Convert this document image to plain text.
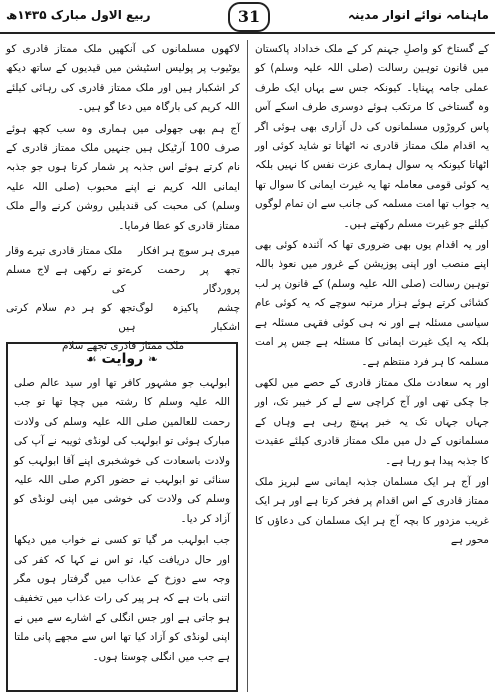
ماہنامہ نوائے انوار مدینہ
31
ربیع الاول مبارک ۱۴۳۵ھ

کے گستاخ کو واصلِ جہنم کر کے ملک خداداد پاکستان میں قانون توہین رسالت (صلی اللہ علیہ وسلم) کو عملی جامہ پہنایا۔ کیونکہ جس سے یہاں ایک طرف وہ گستاخی کا مرتکب ہوئے دوسری طرف اسکے آس پاس کروڑوں مسلمانوں کی دل آزاری بھی ہوئی اگر یہ اقدام ملک ممتاز قادری نہ اٹھاتا تو شاید کوئی اور اٹھاتا کیونکہ یہ سوال ہماری عزت نفس کا نہیں بلکہ یہ کوئی قومی معاملہ تھا یہ غیرت ایمانی کا سوال تھا یہ جواب تھا امت مسلمہ کی جانب سے ان تمام لوگوں کیلئے جو غیرت مسلم رکھتے ہیں۔

اور یہ اقدام یوں بھی ضروری تھا کہ آئندہ کوئی بھی اپنے منصب اور اپنی پوزیشن کے غرور میں نعوذ باللہ توہین رسالت (صلی اللہ علیہ وسلم) کے قانون پر لب کشائی کرتے ہوئے ہزار مرتبہ سوچے کہ یہ کوئی عام سیاسی مسئلہ ہے اور نہ ہی کوئی فقہی مسئلہ ہے بلکہ یہ ایک غیرت ایمانی کا مسئلہ ہے جس پر امت مسلمہ کا ہر فرد منتظم ہے۔

اور یہ سعادت ملک ممتاز قادری کے حصے میں لکھی جا چکی تھی اور آج کراچی سے لے کر خیبر تک، اور جہاں جہاں تک یہ خبر پہنچ رہی ہے وہاں کے مسلمانوں کے دل میں ملک ممتاز قادری کیلئے عقیدت کا جذبہ پیدا ہو رہا ہے۔

اور آج ہر ایک مسلمان جذبہ ایمانی سے لبریز ملک ممتاز قادری کے اس اقدام پر فخر کرتا ہے اور ہر ایک غریب مزدور کا بچہ آج ہر ایک مسلمان کی دعاؤں کا محور ہے

لاکھوں مسلمانوں کی آنکھیں ملک ممتاز قادری کو یوٹیوب پر پولیس اسٹیشن میں قیدیوں کے ساتھ دیکھ کر اشکبار ہیں اور ملک ممتاز قادری کی رہائی کیلئے اللہ کریم کی بارگاہ میں دعا گو ہیں۔

آج ہم بھی جھولی میں ہماری وہ سب کچھ ہوئے صرف 100 آرٹیکل ہیں جنہیں ملک ممتاز قادری کے نام کرتے ہوئے اس جذبہ پر شمار کرتا ہوں جو جذبہ ایمانی اللہ کریم نے اپنے محبوب (صلی اللہ علیہ وسلم) کی محبت کی قندیلیں روشن کرنے والے ملک ممتاز قادری کو عطا فرمایا۔

میری ہر سوچ ہر افکار
ملک ممتاز قادری تیرے وقار
تجھ پر رحمت کرے پروردگار
تو نے رکھی ہے لاج مسلم کی
چشم پاکیزہ لوگ اشکبار
تجھ کو ہر دم سلام کرتی ہیں
ملک ممتاز قادری تجھے سلام
❧ روایت ☙

ابولہب جو مشہور کافر تھا اور سید عالم صلی اللہ علیہ وسلم کا رشتہ میں چچا تھا تو جب رحمت للعالمین صلی اللہ علیہ وسلم کی ولادت مبارک ہوئی تو ابولہب کی لونڈی ثویبہ نے آپ کی ولادت باسعادت کی خوشخبری اپنے آقا ابولہب کو سنائی تو ابولہب نے حضور اکرم صلی اللہ علیہ وسلم کی ولادت کی خوشی میں اپنی لونڈی کو آزاد کر دیا۔

جب ابولہب مر گیا تو کسی نے خواب میں دیکھا اور حال دریافت کیا، تو اس نے کہا کہ کفر کی وجہ سے دوزخ کے عذاب میں گرفتار ہوں مگر اتنی بات ہے کہ ہر پیر کی رات عذاب میں تخفیف ہو جاتی ہے اور جس انگلی کے اشارے سے میں نے اپنی لونڈی کو آزاد کیا تھا اس سے مجھے پانی ملتا ہے جب میں انگلی چوستا ہوں۔
